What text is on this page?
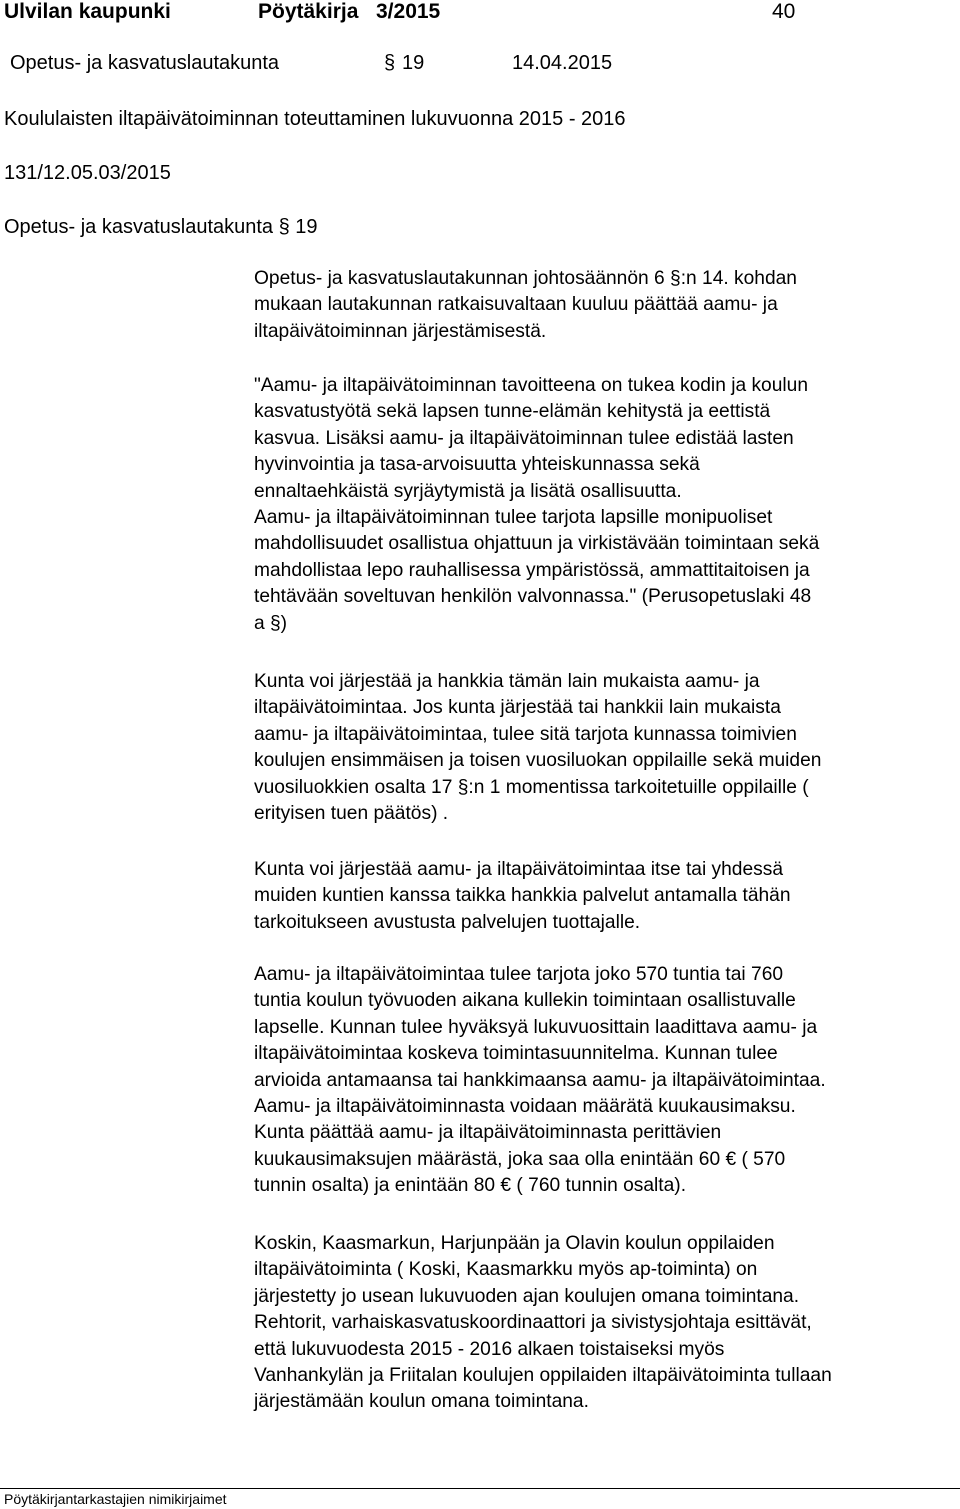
Ulvilan kaupunki	Pöytäkirja 3/2015	40
Opetus- ja kasvatuslautakunta	§ 19	14.04.2015
Koululaisten iltapäivätoiminnan toteuttaminen lukuvuonna 2015 - 2016
131/12.05.03/2015
Opetus- ja kasvatuslautakunta § 19
Opetus- ja kasvatuslautakunnan johtosäännön 6 §:n 14. kohdan
mukaan lautakunnan ratkaisuvaltaan kuuluu päättää aamu- ja
iltapäivätoiminnan järjestämisestä.
"Aamu- ja iltapäivätoiminnan tavoitteena on tukea kodin ja koulun
kasvatustyötä sekä lapsen tunne-elämän kehitystä ja eettistä
kasvua. Lisäksi aamu- ja iltapäivätoiminnan tulee edistää lasten
hyvinvointia ja tasa-arvoisuutta yhteiskunnassa sekä
ennaltaehkäistä syrjäytymistä ja lisätä osallisuutta.
Aamu- ja iltapäivätoiminnan tulee tarjota lapsille monipuoliset
mahdollisuudet osallistua ohjattuun ja virkistävään toimintaan sekä
mahdollistaa lepo rauhallisessa ympäristössä, ammattitaitoisen ja
tehtävään soveltuvan henkilön valvonnassa." (Perusopetuslaki 48
a §)
Kunta voi järjestää ja hankkia tämän lain mukaista aamu- ja
iltapäivätoimintaa. Jos kunta järjestää tai hankkii lain mukaista
aamu- ja iltapäivätoimintaa, tulee sitä tarjota kunnassa toimivien
koulujen ensimmäisen ja toisen vuosiluokan oppilaille sekä muiden
vuosiluokkien osalta 17 §:n 1 momentissa tarkoitetuille oppilaille (
erityisen tuen päätös) .
Kunta voi järjestää aamu- ja iltapäivätoimintaa itse tai yhdessä
muiden kuntien kanssa taikka hankkia palvelut antamalla tähän
tarkoitukseen avustusta palvelujen tuottajalle.
Aamu- ja iltapäivätoimintaa tulee tarjota joko 570 tuntia tai 760
tuntia koulun työvuoden aikana kullekin toimintaan osallistuvalle
lapselle. Kunnan tulee hyväksyä lukuvuosittain laadittava aamu- ja
iltapäivätoimintaa koskeva toimintasuunnitelma. Kunnan tulee
arvioida antamaansa tai hankkimaansa aamu- ja iltapäivätoimintaa.
Aamu- ja iltapäivätoiminnasta voidaan määrätä kuukausimaksu.
Kunta päättää aamu- ja iltapäivätoiminnasta perittävien
kuukausimaksujen määrästä, joka saa olla enintään 60 € ( 570
tunnin osalta) ja enintään 80 € ( 760 tunnin osalta).
Koskin, Kaasmarkun, Harjunpään ja Olavin koulun oppilaiden
iltapäivätoiminta ( Koski, Kaasmarkku myös ap-toiminta) on
järjestetty jo usean lukuvuoden ajan koulujen omana toimintana.
Rehtorit, varhaiskasvatuskoordinaattori ja sivistysjohtaja esittävät,
että lukuvuodesta 2015 - 2016 alkaen toistaiseksi myös
Vanhankylän ja Friitalan koulujen oppilaiden iltapäivätoiminta tullaan
järjestämään koulun omana toimintana.
Pöytäkirjantarkastajien nimikirjaimet
